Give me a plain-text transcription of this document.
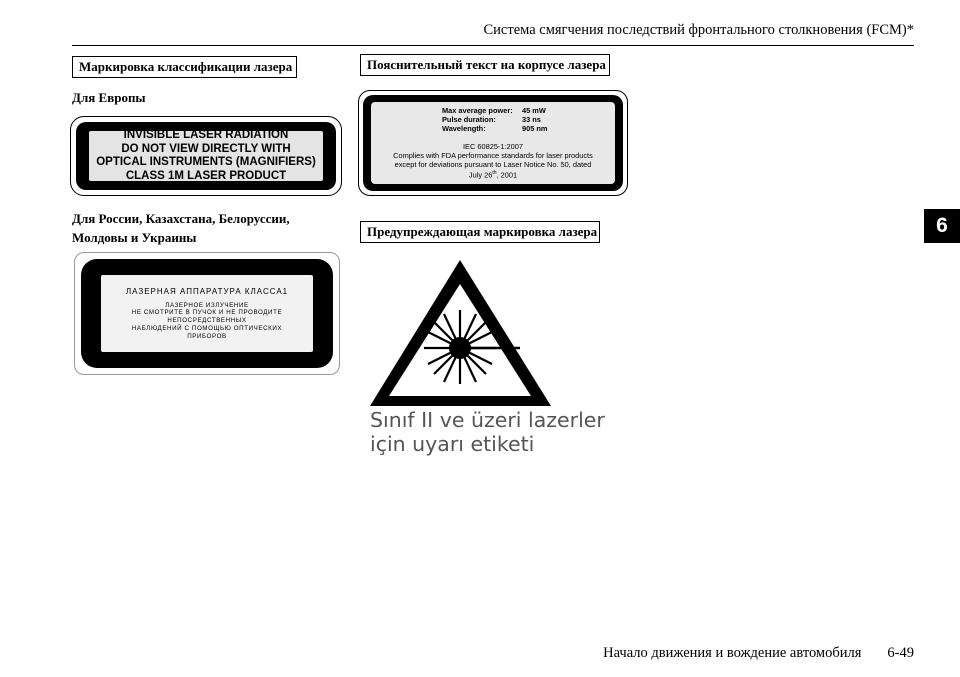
Система смягчения последствий фронтального столкновения (FCM)*
6
Маркировка классификации лазера
Для Европы
INVISIBLE LASER RADIATION
DO NOT VIEW DIRECTLY WITH
OPTICAL INSTRUMENTS (MAGNIFIERS)
CLASS 1M LASER PRODUCT
Для России, Казахстана, Белоруссии,
Молдовы и Украины
ЛАЗЕРНАЯ АППАРАТУРА КЛАССА1
ЛАЗЕРНОЕ ИЗЛУЧЕНИЕ
НЕ СМОТРИТЕ В ПУЧОК И НЕ ПРОВОДИТЕ
НЕПОСРЕДСТВЕННЫХ
НАБЛЮДЕНИЙ С ПОМОЩЬЮ ОПТИЧЕСКИХ
ПРИБОРОВ
Пояснительный текст на корпусе лазера
Max average power:	45 mW
Pulse duration:	33 ns
Wavelength:	905 nm
IEC 60825-1:2007
Complies with FDA performance standards for laser products
except for deviations pursuant to Laser Notice No. 50, dated
July 26th, 2001
Предупреждающая маркировка лазера
Sınıf II ve üzeri lazerler
için uyarı etiketi
Начало движения и вождение автомобиля 6-49
